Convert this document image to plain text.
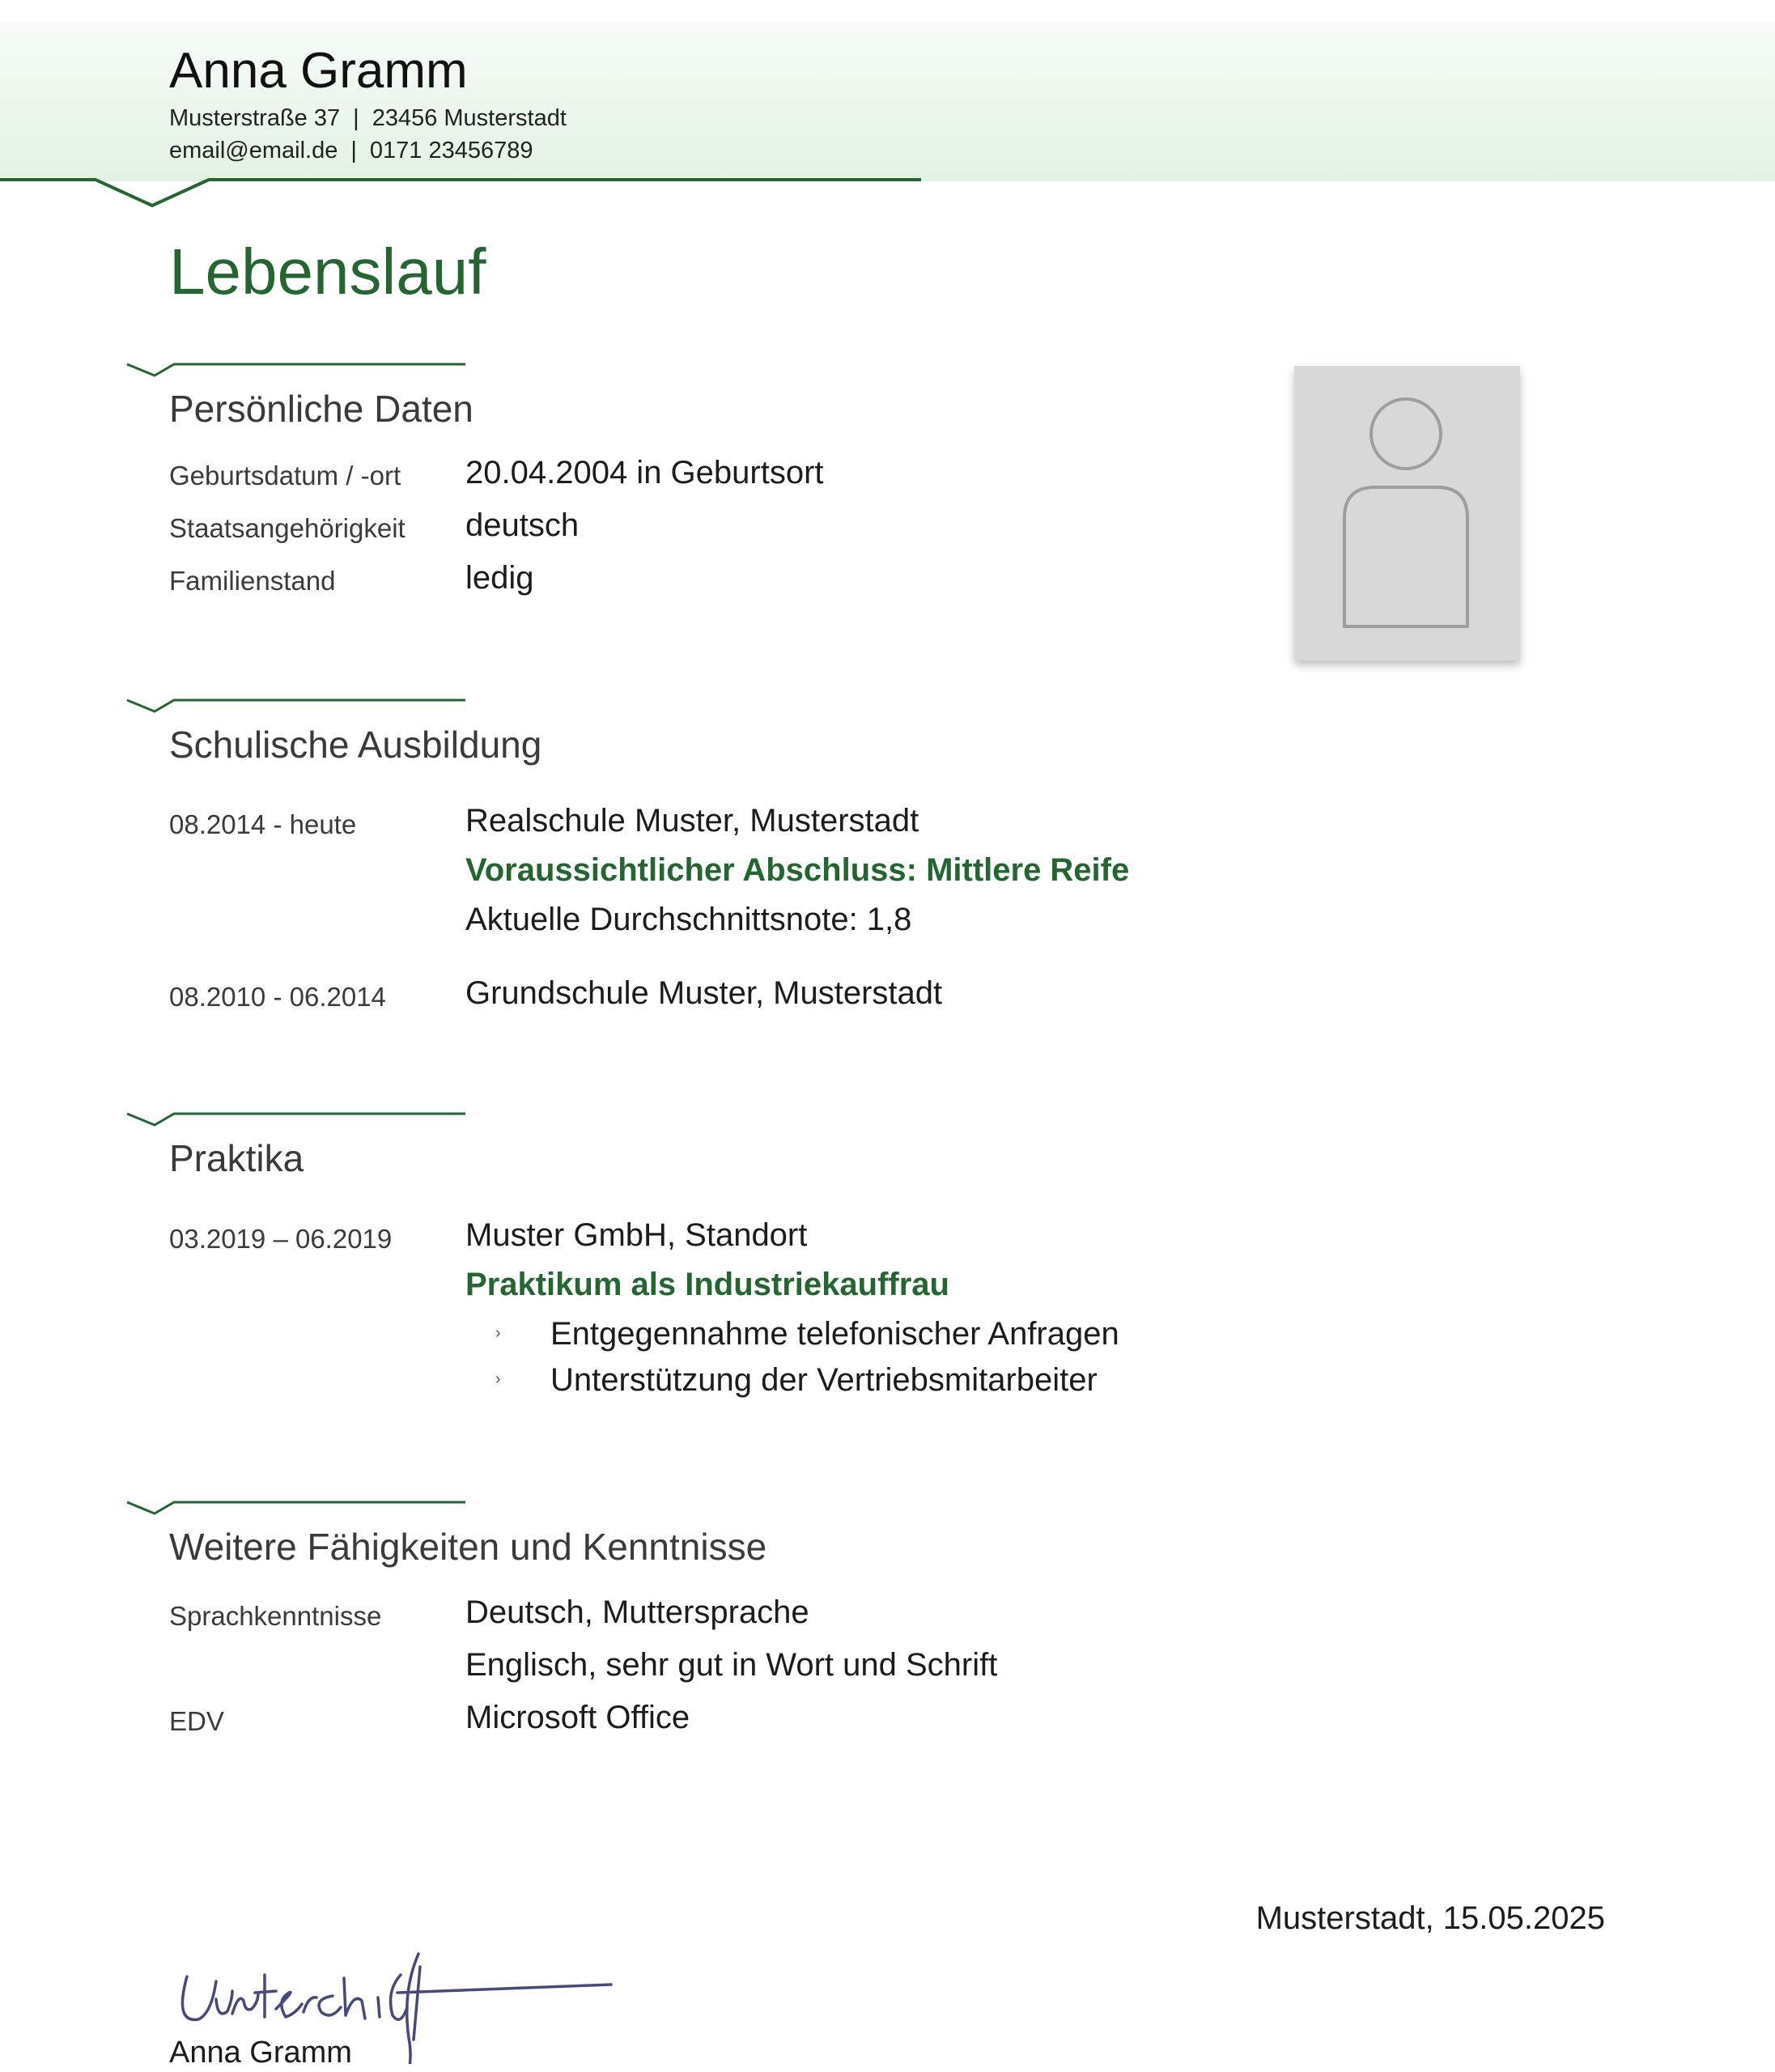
Anna Gramm
Musterstraße 37 | 23456 Musterstadt
email@email.de | 0171 23456789
Lebenslauf
Persönliche Daten
Geburtsdatum / -ort 20.04.2004 in Geburtsort
Staatsangehörigkeit deutsch
Familienstand	ledig
Schulische Ausbildung
08.2014 - heute	Realschule Muster, Musterstadt
Voraussichtlicher Abschluss: Mittlere Reife
Aktuelle Durchschnittsnote: 1,8
08.2010 - 06.2014 Grundschule Muster, Musterstadt
Praktika
03.2019 – 06.2019 Muster GmbH, Standort
Praktikum als Industriekauffrau
› Entgegennahme telefonischer Anfragen
› Unterstützung der Vertriebsmitarbeiter
Weitere Fähigkeiten und Kenntnisse
Sprachkenntnisse	Deutsch, Muttersprache
Englisch, sehr gut in Wort und Schrift
EDV	Microsoft Office
Musterstadt, 15.05.2025
Anna Gramm
